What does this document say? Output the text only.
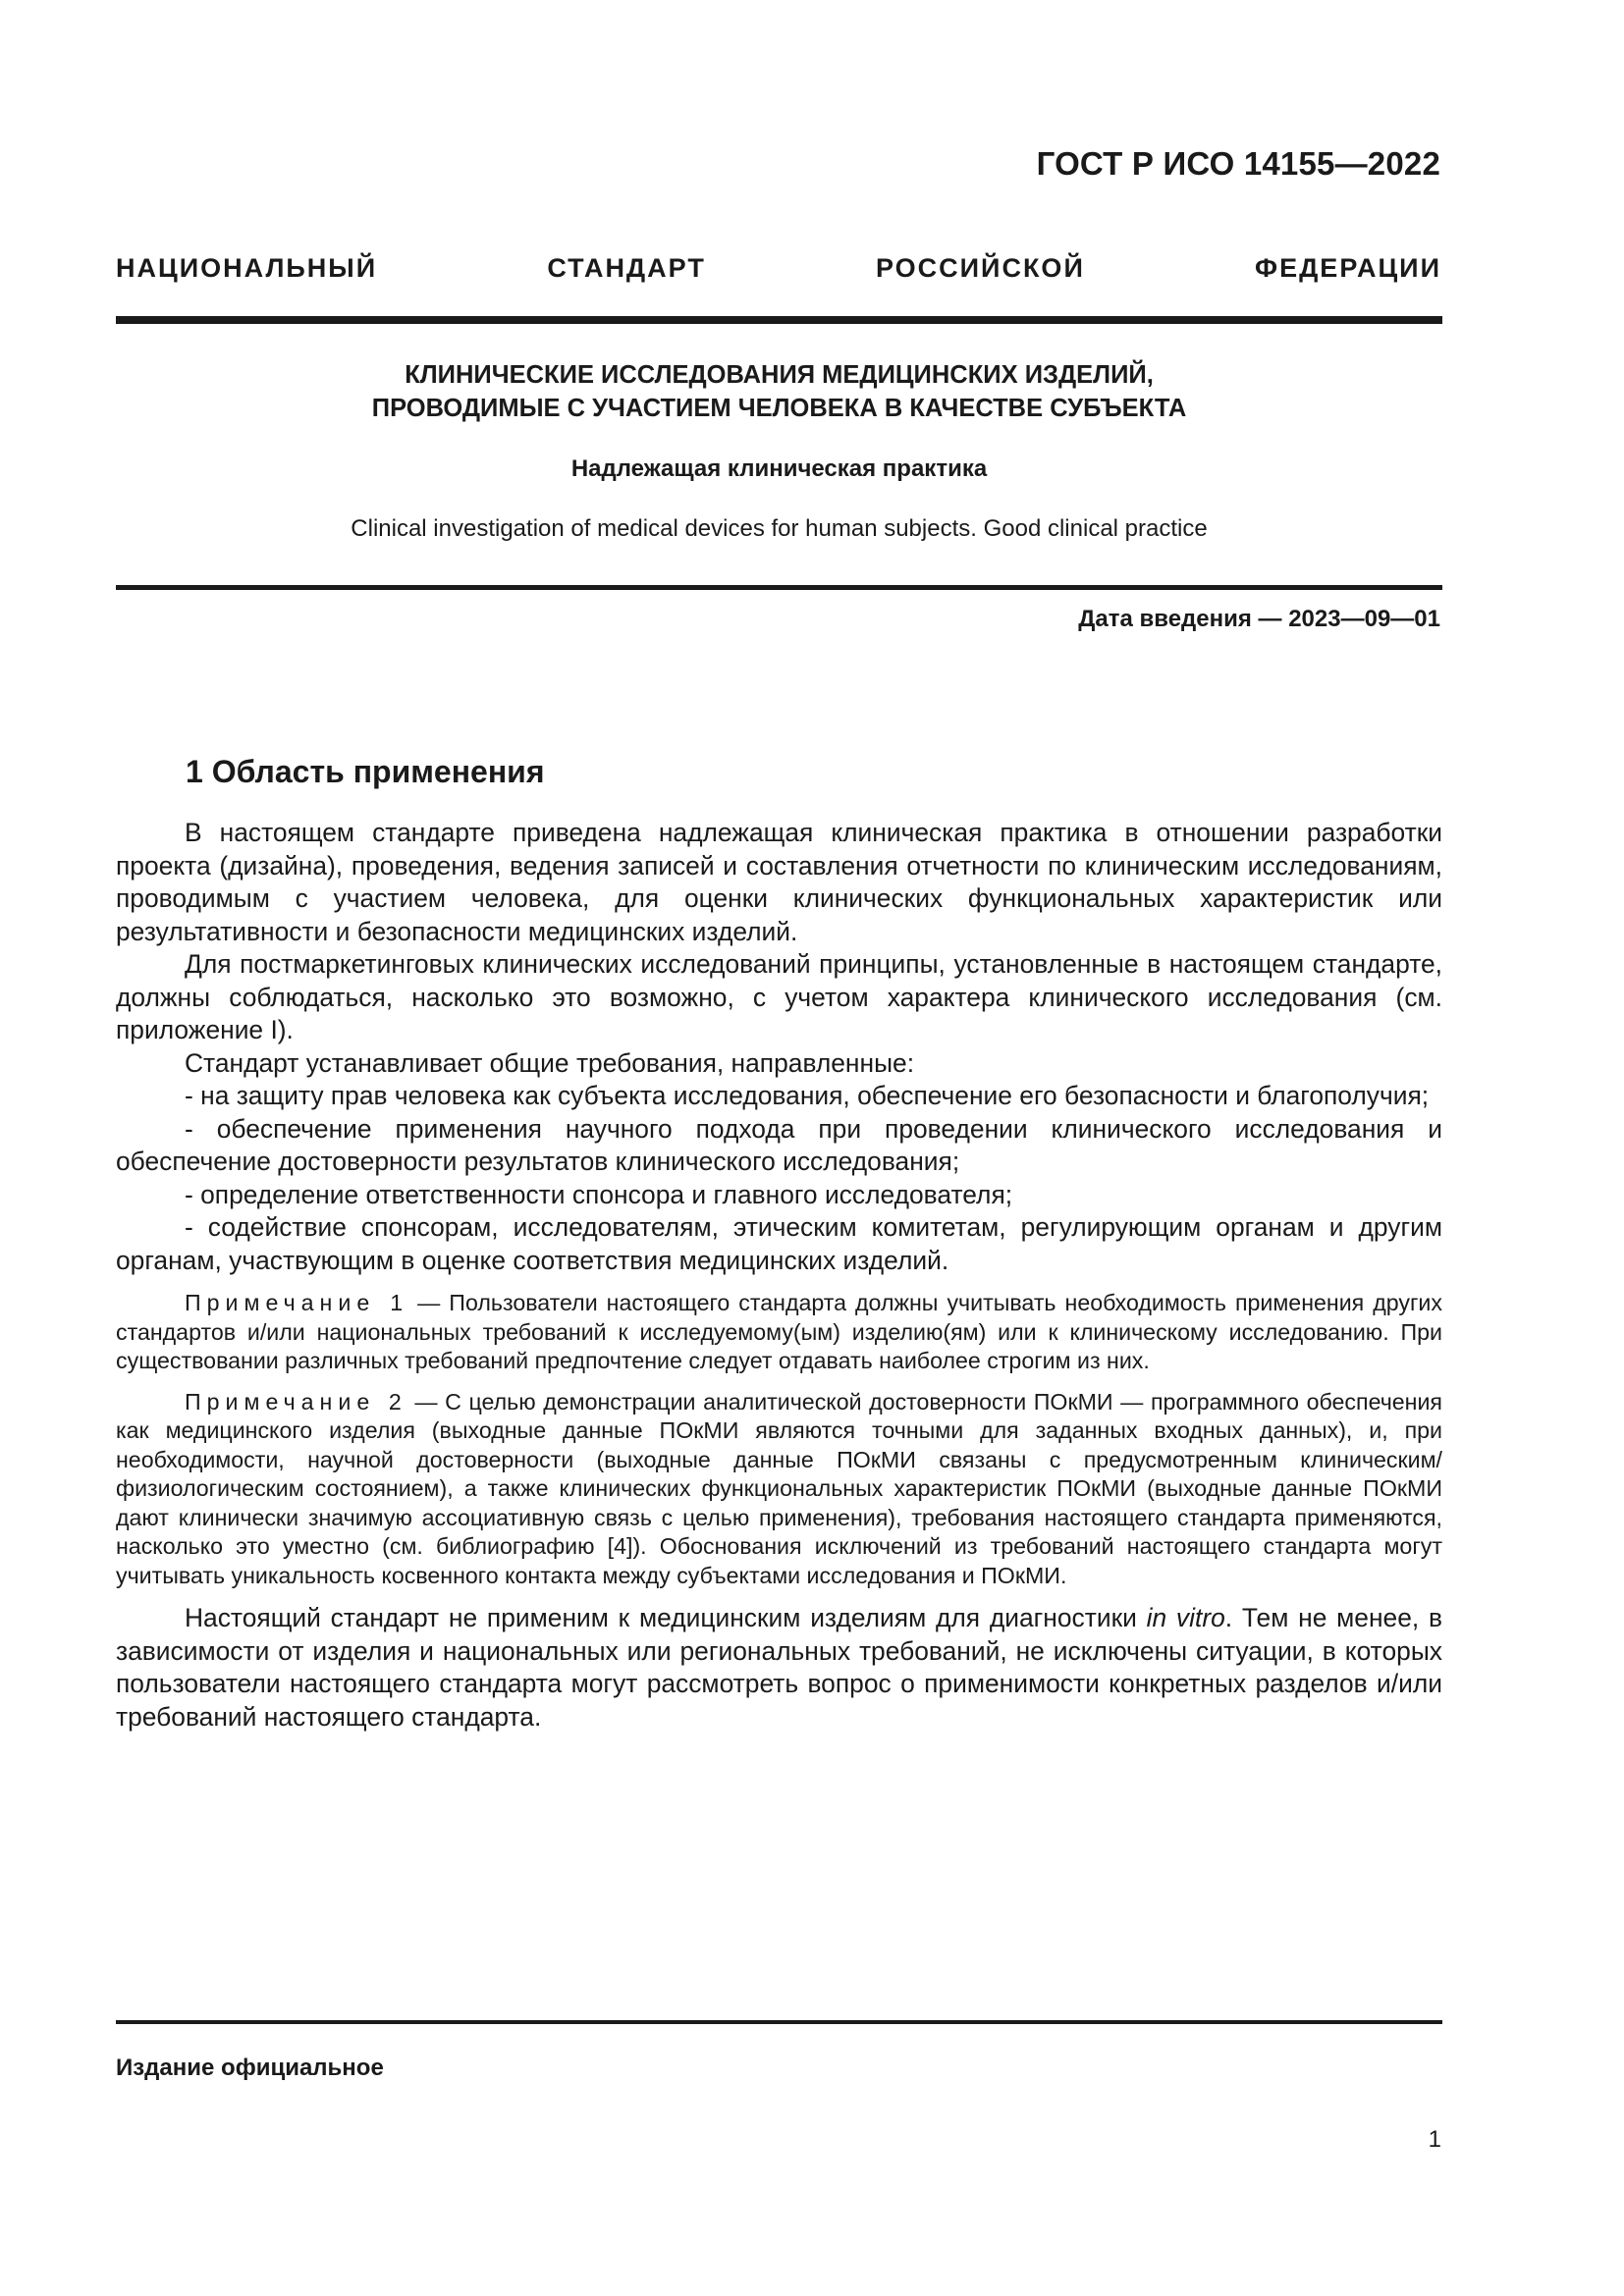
ГОСТ Р ИСО 14155—2022
НАЦИОНАЛЬНЫЙ СТАНДАРТ РОССИЙСКОЙ ФЕДЕРАЦИИ
КЛИНИЧЕСКИЕ ИССЛЕДОВАНИЯ МЕДИЦИНСКИХ ИЗДЕЛИЙ,
ПРОВОДИМЫЕ С УЧАСТИЕМ ЧЕЛОВЕКА В КАЧЕСТВЕ СУБЪЕКТА
Надлежащая клиническая практика
Clinical investigation of medical devices for human subjects. Good clinical practice
Дата введения — 2023—09—01
1 Область применения

В настоящем стандарте приведена надлежащая клиническая практика в отношении разработки проекта (дизайна), проведения, ведения записей и составления отчетности по клиническим исследованиям, проводимым с участием человека, для оценки клинических функциональных характеристик или результативности и безопасности медицинских изделий.

Для постмаркетинговых клинических исследований принципы, установленные в настоящем стандарте, должны соблюдаться, насколько это возможно, с учетом характера клинического исследования (см. приложение I).

Стандарт устанавливает общие требования, направленные:

- на защиту прав человека как субъекта исследования, обеспечение его безопасности и благополучия;

- обеспечение применения научного подхода при проведении клинического исследования и обеспечение достоверности результатов клинического исследования;

- определение ответственности спонсора и главного исследователя;

- содействие спонсорам, исследователям, этическим комитетам, регулирующим органам и другим органам, участвующим в оценке соответствия медицинских изделий.

Примечание 1 — Пользователи настоящего стандарта должны учитывать необходимость применения других стандартов и/или национальных требований к исследуемому(ым) изделию(ям) или к клиническому исследованию. При существовании различных требований предпочтение следует отдавать наиболее строгим из них.

Примечание 2 — С целью демонстрации аналитической достоверности ПОкМИ — программного обеспечения как медицинского изделия (выходные данные ПОкМИ являются точными для заданных входных данных), и, при необходимости, научной достоверности (выходные данные ПОкМИ связаны с предусмотренным клиническим/физиологическим состоянием), а также клинических функциональных характеристик ПОкМИ (выходные данные ПОкМИ дают клинически значимую ассоциативную связь с целью применения), требования настоящего стандарта применяются, насколько это уместно (см. библиографию [4]). Обоснования исключений из требований настоящего стандарта могут учитывать уникальность косвенного контакта между субъектами исследования и ПОкМИ.

Настоящий стандарт не применим к медицинским изделиям для диагностики in vitro. Тем не менее, в зависимости от изделия и национальных или региональных требований, не исключены ситуации, в которых пользователи настоящего стандарта могут рассмотреть вопрос о применимости конкретных разделов и/или требований настоящего стандарта.

Издание официальное
1
